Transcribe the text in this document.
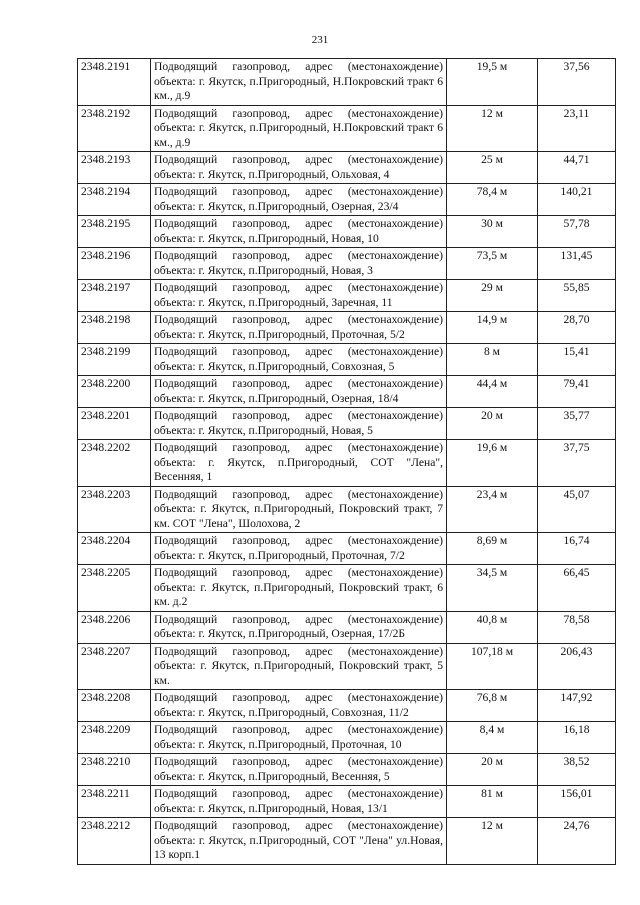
231
2348.2191	Подводящий газопровод, адрес (местонахождение) объекта: г. Якутск, п.Пригородный, Н.Покровский тракт 6 км., д.9	19,5 м	37,56
2348.2192	Подводящий газопровод, адрес (местонахождение) объекта: г. Якутск, п.Пригородный, Н.Покровский тракт 6 км., д.9	12 м	23,11
2348.2193	Подводящий газопровод, адрес (местонахождение) объекта: г. Якутск, п.Пригородный, Ольховая, 4	25 м	44,71
2348.2194	Подводящий газопровод, адрес (местонахождение) объекта: г. Якутск, п.Пригородный, Озерная, 23/4	78,4 м	140,21
2348.2195	Подводящий газопровод, адрес (местонахождение) объекта: г. Якутск, п.Пригородный, Новая, 10	30 м	57,78
2348.2196	Подводящий газопровод, адрес (местонахождение) объекта: г. Якутск, п.Пригородный, Новая, 3	73,5 м	131,45
2348.2197	Подводящий газопровод, адрес (местонахождение) объекта: г. Якутск, п.Пригородный, Заречная, 11	29 м	55,85
2348.2198	Подводящий газопровод, адрес (местонахождение) объекта: г. Якутск, п.Пригородный, Проточная, 5/2	14,9 м	28,70
2348.2199	Подводящий газопровод, адрес (местонахождение) объекта: г. Якутск, п.Пригородный, Совхозная, 5	8 м	15,41
2348.2200	Подводящий газопровод, адрес (местонахождение) объекта: г. Якутск, п.Пригородный, Озерная, 18/4	44,4 м	79,41
2348.2201	Подводящий газопровод, адрес (местонахождение) объекта: г. Якутск, п.Пригородный, Новая, 5	20 м	35,77
2348.2202	Подводящий газопровод, адрес (местонахождение) объекта: г. Якутск, п.Пригородный, СОТ "Лена", Весенняя, 1	19,6 м	37,75
2348.2203	Подводящий газопровод, адрес (местонахождение) объекта: г. Якутск, п.Пригородный, Покровский тракт, 7 км. СОТ "Лена", Шолохова, 2	23,4 м	45,07
2348.2204	Подводящий газопровод, адрес (местонахождение) объекта: г. Якутск, п.Пригородный, Проточная, 7/2	8,69 м	16,74
2348.2205	Подводящий газопровод, адрес (местонахождение) объекта: г. Якутск, п.Пригородный, Покровский тракт, 6 км. д.2	34,5 м	66,45
2348.2206	Подводящий газопровод, адрес (местонахождение) объекта: г. Якутск, п.Пригородный, Озерная, 17/2Б	40,8 м	78,58
2348.2207	Подводящий газопровод, адрес (местонахождение) объекта: г. Якутск, п.Пригородный, Покровский тракт, 5 км.	107,18 м	206,43
2348.2208	Подводящий газопровод, адрес (местонахождение) объекта: г. Якутск, п.Пригородный, Совхозная, 11/2	76,8 м	147,92
2348.2209	Подводящий газопровод, адрес (местонахождение) объекта: г. Якутск, п.Пригородный, Проточная, 10	8,4 м	16,18
2348.2210	Подводящий газопровод, адрес (местонахождение) объекта: г. Якутск, п.Пригородный, Весенняя, 5	20 м	38,52
2348.2211	Подводящий газопровод, адрес (местонахождение) объекта: г. Якутск, п.Пригородный, Новая, 13/1	81 м	156,01
2348.2212	Подводящий газопровод, адрес (местонахождение) объекта: г. Якутск, п.Пригородный, СОТ "Лена" ул.Новая, 13 корп.1	12 м	24,76
